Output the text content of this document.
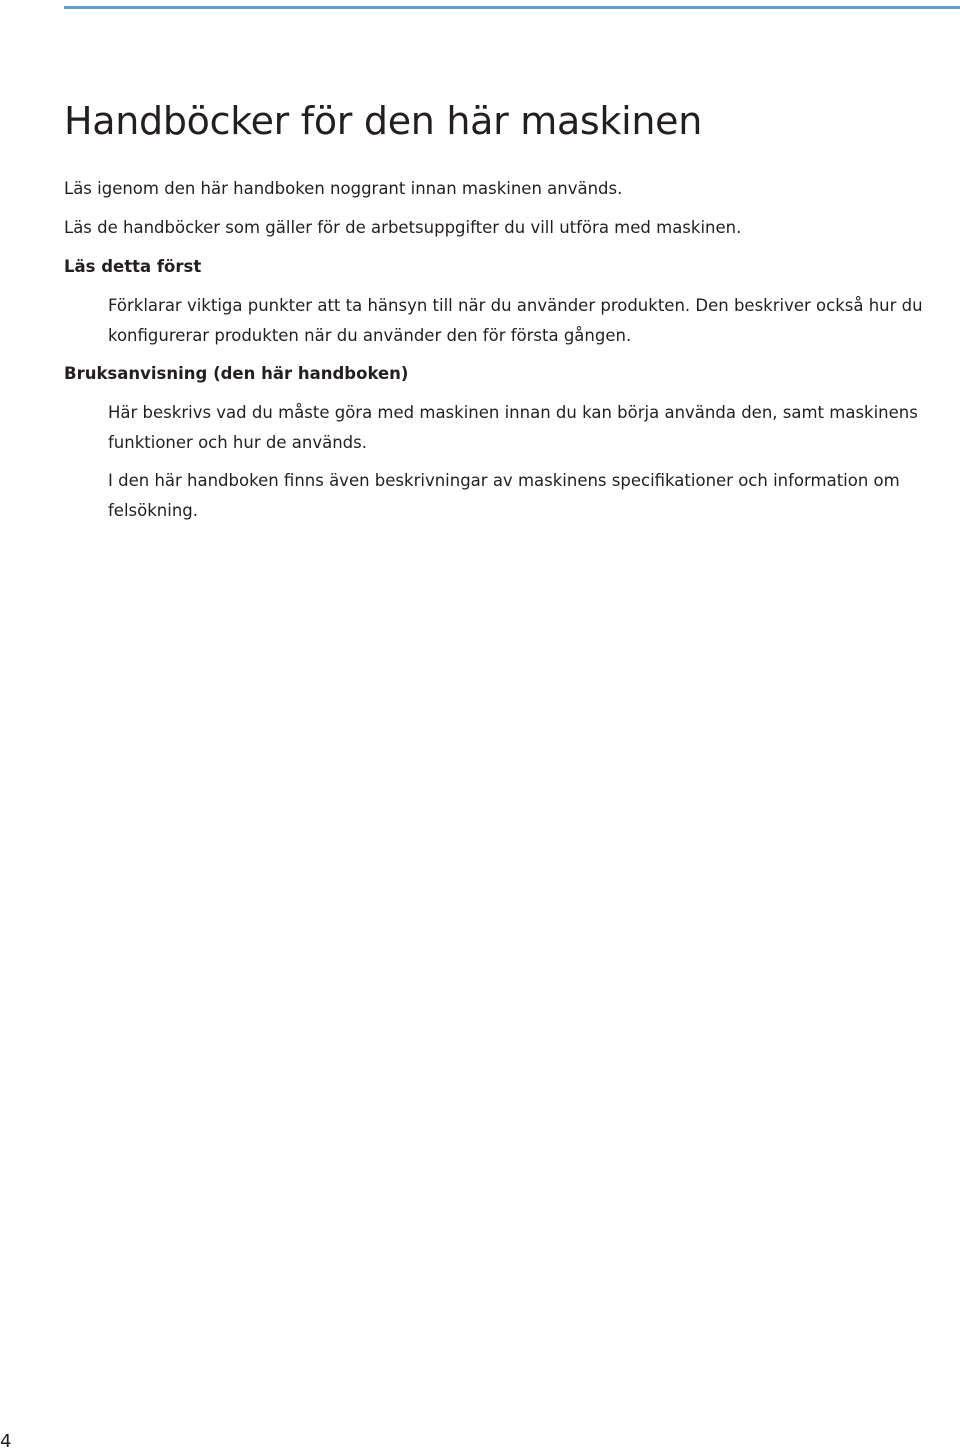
Handböcker för den här maskinen

Läs igenom den här handboken noggrant innan maskinen används.

Läs de handböcker som gäller för de arbetsuppgifter du vill utföra med maskinen.

Läs detta först

Förklarar viktiga punkter att ta hänsyn till när du använder produkten. Den beskriver också hur du konfigurerar produkten när du använder den för första gången.

Bruksanvisning (den här handboken)

Här beskrivs vad du måste göra med maskinen innan du kan börja använda den, samt maskinens funktioner och hur de används.

I den här handboken finns även beskrivningar av maskinens specifikationer och information om felsökning.

4
